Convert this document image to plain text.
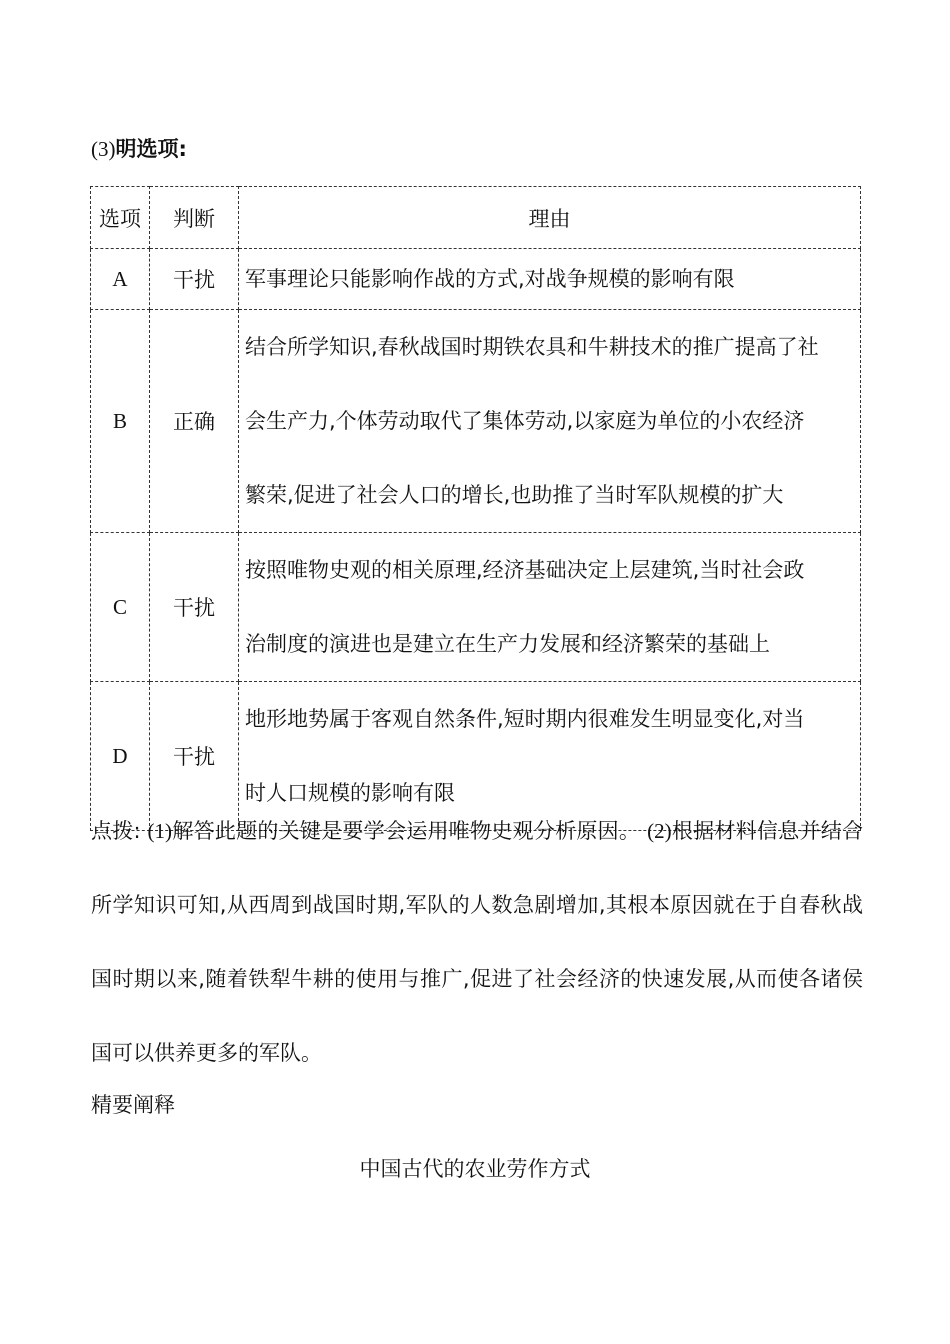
(3)明选项:
选项	判断	理由
A	干扰	军事理论只能影响作战的方式,对战争规模的影响有限

B	正确	结合所学知识,春秋战国时期铁农具和牛耕技术的推广提高了社
会生产力,个体劳动取代了集体劳动,以家庭为单位的小农经济
繁荣,促进了社会人口的增长,也助推了当时军队规模的扩大

C	干扰	按照唯物史观的相关原理,经济基础决定上层建筑,当时社会政
治制度的演进也是建立在生产力发展和经济繁荣的基础上

D	干扰	地形地势属于客观自然条件,短时期内很难发生明显变化,对当
时人口规模的影响有限
点拨: (1)解答此题的关键是要学会运用唯物史观分析原因。 (2)根据材料信息并结合所学知识可知,从西周到战国时期,军队的人数急剧增加,其根本原因就在于自春秋战国时期以来,随着铁犁牛耕的使用与推广,促进了社会经济的快速发展,从而使各诸侯国可以供养更多的军队。
精要阐释
中国古代的农业劳作方式
